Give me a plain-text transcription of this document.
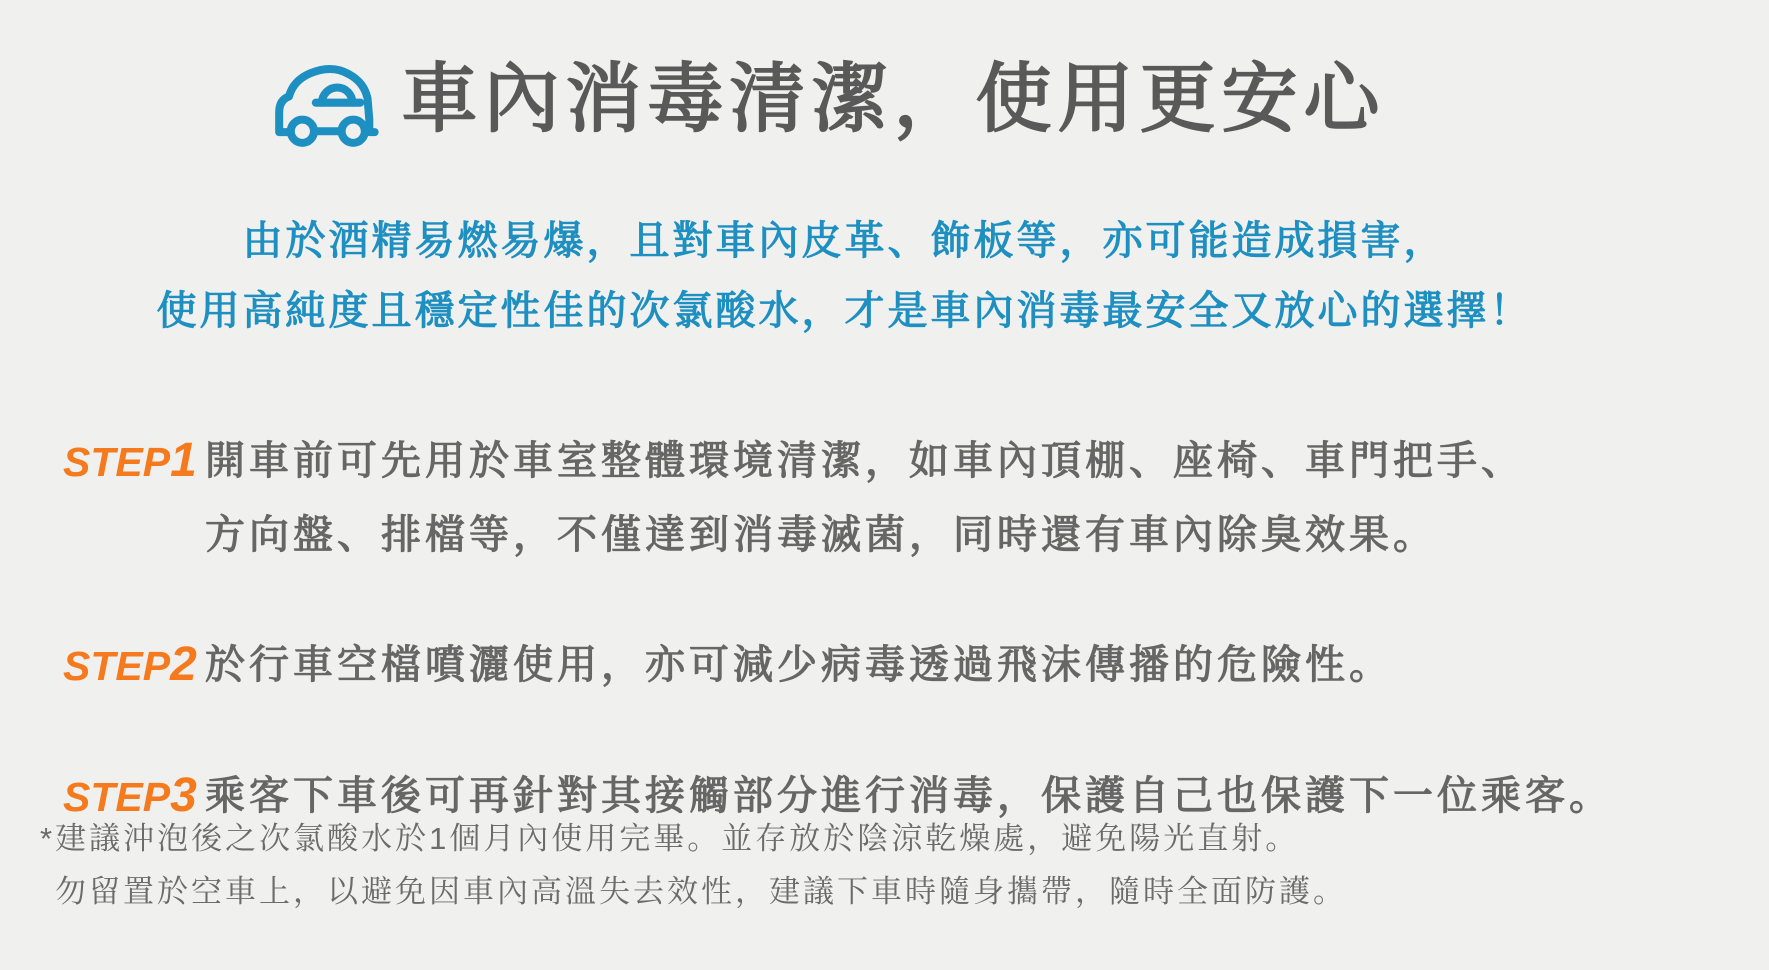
車內消毒清潔，使用更安心
由於酒精易燃易爆，且對車內皮革、飾板等，亦可能造成損害，
使用高純度且穩定性佳的次氯酸水，才是車內消毒最安全又放心的選擇！
STEP1 開車前可先用於車室整體環境清潔，如車內頂棚、座椅、車門把手、
方向盤、排檔等，不僅達到消毒滅菌，同時還有車內除臭效果。
STEP2 於行車空檔噴灑使用，亦可減少病毒透過飛沫傳播的危險性。
STEP3 乘客下車後可再針對其接觸部分進行消毒，保護自己也保護下一位乘客。
*建議沖泡後之次氯酸水於1個月內使用完畢。並存放於陰涼乾燥處，避免陽光直射。
勿留置於空車上，以避免因車內高溫失去效性，建議下車時隨身攜帶，隨時全面防護。
